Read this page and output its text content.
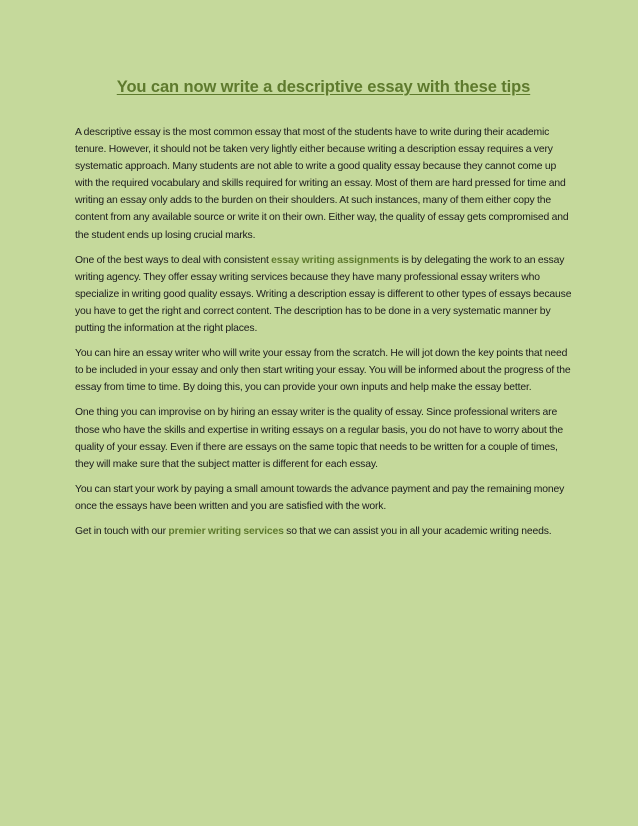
You can now write a descriptive essay with these tips

A descriptive essay is the most common essay that most of the students have to write during their academic tenure. However, it should not be taken very lightly either because writing a description essay requires a very systematic approach. Many students are not able to write a good quality essay because they cannot come up with the required vocabulary and skills required for writing an essay. Most of them are hard pressed for time and writing an essay only adds to the burden on their shoulders. At such instances, many of them either copy the content from any available source or write it on their own. Either way, the quality of essay gets compromised and the student ends up losing crucial marks.

One of the best ways to deal with consistent essay writing assignments is by delegating the work to an essay writing agency. They offer essay writing services because they have many professional essay writers who specialize in writing good quality essays. Writing a description essay is different to other types of essays because you have to get the right and correct content. The description has to be done in a very systematic manner by putting the information at the right places.

You can hire an essay writer who will write your essay from the scratch. He will jot down the key points that need to be included in your essay and only then start writing your essay. You will be informed about the progress of the essay from time to time. By doing this, you can provide your own inputs and help make the essay better.

One thing you can improvise on by hiring an essay writer is the quality of essay. Since professional writers are those who have the skills and expertise in writing essays on a regular basis, you do not have to worry about the quality of your essay. Even if there are essays on the same topic that needs to be written for a couple of times, they will make sure that the subject matter is different for each essay.

You can start your work by paying a small amount towards the advance payment and pay the remaining money once the essays have been written and you are satisfied with the work.

Get in touch with our premier writing services so that we can assist you in all your academic writing needs.
